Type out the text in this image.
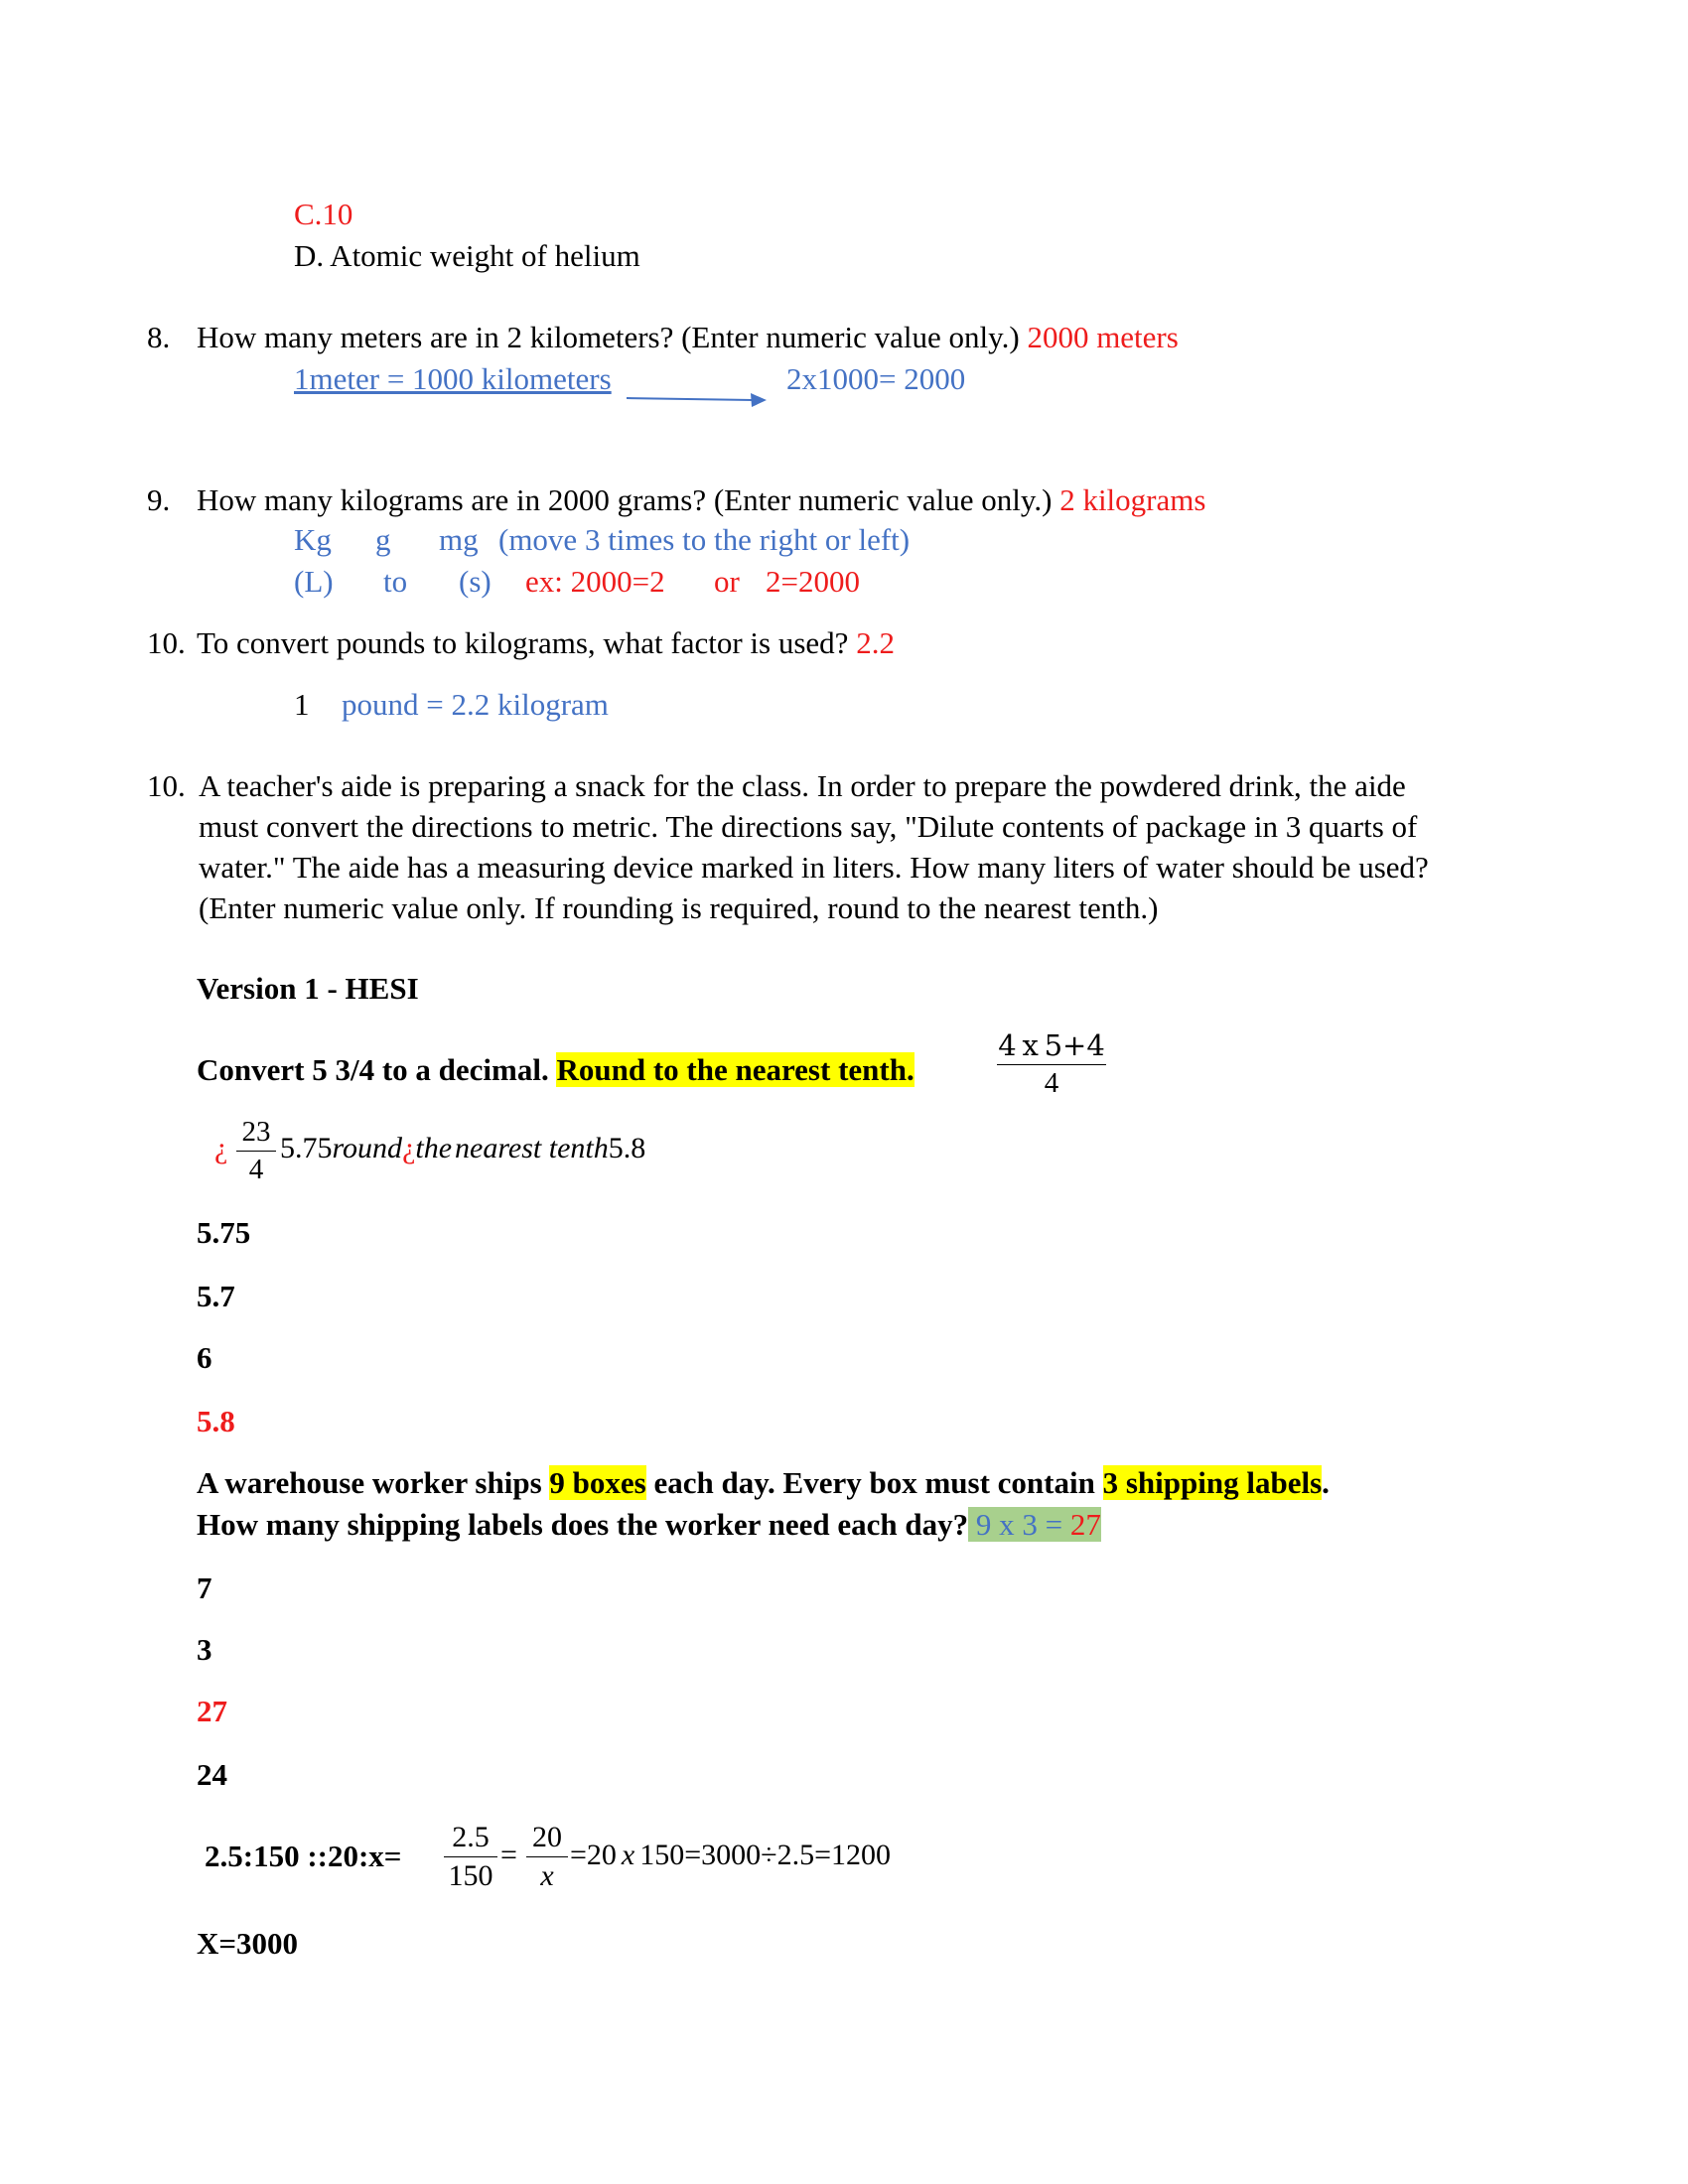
C.10
D. Atomic weight of helium
8. How many meters are in 2 kilometers? (Enter numeric value only.) 2000 meters
1meter = 1000 kilometers	2x1000= 2000
9. How many kilograms are in 2000 grams? (Enter numeric value only.) 2 kilograms
Kg g mg (move 3 times to the right or left)
(L) to (s) ex: 2000=2 or 2=2000
10. To convert pounds to kilograms, what factor is used? 2.2
1 pound = 2.2 kilogram
10. A teacher's aide is preparing a snack for the class. In order to prepare the powdered drink, the aide must convert the directions to metric. The directions say, "Dilute contents of package in 3 quarts of water." The aide has a measuring device marked in liters. How many liters of water should be used? (Enter numeric value only. If rounding is required, round to the nearest tenth.)
Version 1 - HESI
Convert 5 3/4 to a decimal. Round to the nearest tenth.
4 x 5+4
4
¿ 23
4
5.75round¿the nearest tenth5.8
5.75
5.7
6
5.8
A warehouse worker ships 9 boxes each day. Every box must contain 3 shipping labels.
How many shipping labels does the worker need each day? 9 x 3 = 27
7
3
27
24
2.5:150 ::20:x=
2.5
150
=
20
x
=20 x 150=3000÷2.5=1200
X=3000
